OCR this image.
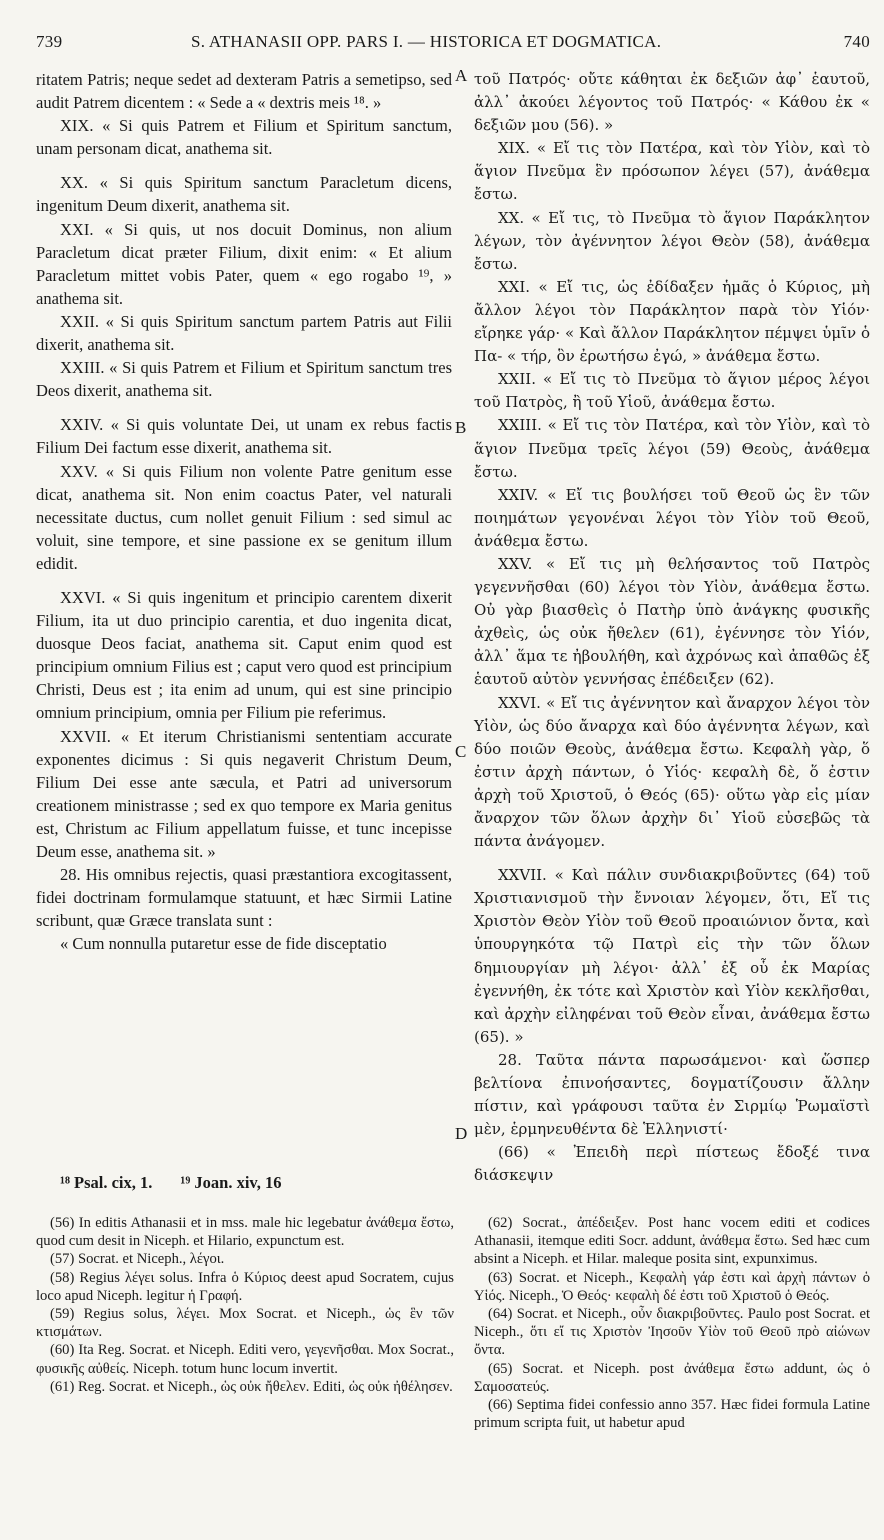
739	S. ATHANASII OPP. PARS I. — HISTORICA ET DOGMATICA.	740

ritatem Patris; neque sedet ad dexteram Patris a semetipso, sed audit Patrem dicentem : « Sede a « dextris meis ¹⁸. »

XIX. « Si quis Patrem et Filium et Spiritum sanctum, unam personam dicat, anathema sit.

XX. « Si quis Spiritum sanctum Paracletum dicens, ingenitum Deum dixerit, anathema sit.

XXI. « Si quis, ut nos docuit Dominus, non alium Paracletum dicat præter Filium, dixit enim: « Et alium Paracletum mittet vobis Pater, quem « ego rogabo ¹⁹, » anathema sit.

XXII. « Si quis Spiritum sanctum partem Patris aut Filii dixerit, anathema sit.

XXIII. « Si quis Patrem et Filium et Spiritum sanctum tres Deos dixerit, anathema sit.

XXIV. « Si quis voluntate Dei, ut unam ex rebus factis Filium Dei factum esse dixerit, anathema sit.

XXV. « Si quis Filium non volente Patre genitum esse dicat, anathema sit. Non enim coactus Pater, vel naturali necessitate ductus, cum nollet genuit Filium : sed simul ac voluit, sine tempore, et sine passione ex se genitum illum edidit.

XXVI. « Si quis ingenitum et principio carentem dixerit Filium, ita ut duo principio carentia, et duo ingenita dicat, duosque Deos faciat, anathema sit. Caput enim quod est principium omnium Filius est ; caput vero quod est principium Christi, Deus est ; ita enim ad unum, qui est sine principio omnium principium, omnia per Filium pie referimus.

XXVII. « Et iterum Christianismi sententiam accurate exponentes dicimus : Si quis negaverit Christum Deum, Filium Dei esse ante sæcula, et Patri ad universorum creationem ministrasse ; sed ex quo tempore ex Maria genitus est, Christum ac Filium appellatum fuisse, et tunc incepisse Deum esse, anathema sit. »

28. His omnibus rejectis, quasi præstantiora excogitassent, fidei doctrinam formulamque statuunt, et hæc Sirmii Latine scribunt, quæ Græce translata sunt :

« Cum nonnulla putaretur esse de fide disceptatio

τοῦ Πατρός· οὔτε κάθηται ἐκ δεξιῶν ἀφ᾽ ἑαυτοῦ, ἀλλ᾽ ἀκούει λέγοντος τοῦ Πατρός· « Κάθου ἐκ « δεξιῶν μου (56). »

XIX. « Εἴ τις τὸν Πατέρα, καὶ τὸν Υἱὸν, καὶ τὸ ἅγιον Πνεῦμα ἓν πρόσωπον λέγει (57), ἀνάθεμα ἔστω.

XX. « Εἴ τις, τὸ Πνεῦμα τὸ ἅγιον Παράκλητον λέγων, τὸν ἀγέννητον λέγοι Θεὸν (58), ἀνάθεμα ἔστω.

XXI. « Εἴ τις, ὡς ἐδίδαξεν ἡμᾶς ὁ Κύριος, μὴ ἄλλον λέγοι τὸν Παράκλητον παρὰ τὸν Υἱόν· εἴρηκε γάρ· « Καὶ ἄλλον Παράκλητον πέμψει ὑμῖν ὁ Πα- « τήρ, ὃν ἐρωτήσω ἐγώ, » ἀνάθεμα ἔστω.

XXII. « Εἴ τις τὸ Πνεῦμα τὸ ἅγιον μέρος λέγοι τοῦ Πατρὸς, ἢ τοῦ Υἱοῦ, ἀνάθεμα ἔστω.

XXIII. « Εἴ τις τὸν Πατέρα, καὶ τὸν Υἱὸν, καὶ τὸ ἅγιον Πνεῦμα τρεῖς λέγοι (59) Θεοὺς, ἀνάθεμα ἔστω.

XXIV. « Εἴ τις βουλήσει τοῦ Θεοῦ ὡς ἓν τῶν ποιημάτων γεγονέναι λέγοι τὸν Υἱὸν τοῦ Θεοῦ, ἀνάθεμα ἔστω.

XXV. « Εἴ τις μὴ θελήσαντος τοῦ Πατρὸς γεγεννῆσθαι (60) λέγοι τὸν Υἱὸν, ἀνάθεμα ἔστω. Οὐ γὰρ βιασθεὶς ὁ Πατὴρ ὑπὸ ἀνάγκης φυσικῆς ἀχθεὶς, ὡς οὐκ ἤθελεν (61), ἐγέννησε τὸν Υἱόν, ἀλλ᾽ ἅμα τε ἠβουλήθη, καὶ ἀχρόνως καὶ ἀπαθῶς ἐξ ἑαυτοῦ αὐτὸν γεννήσας ἐπέδειξεν (62).

XXVI. « Εἴ τις ἀγέννητον καὶ ἄναρχον λέγοι τὸν Υἱὸν, ὡς δύο ἄναρχα καὶ δύο ἀγέννητα λέγων, καὶ δύο ποιῶν Θεοὺς, ἀνάθεμα ἔστω. Κεφαλὴ γὰρ, ὅ ἐστιν ἀρχὴ πάντων, ὁ Υἱός· κεφαλὴ δὲ, ὅ ἐστιν ἀρχὴ τοῦ Χριστοῦ, ὁ Θεός (65)· οὕτω γὰρ εἰς μίαν ἄναρχον τῶν ὅλων ἀρχὴν δι᾽ Υἱοῦ εὐσεβῶς τὰ πάντα ἀνάγομεν.

XXVII. « Καὶ πάλιν συνδιακριβοῦντες (64) τοῦ Χριστιανισμοῦ τὴν ἔννοιαν λέγομεν, ὅτι, Εἴ τις Χριστὸν Θεὸν Υἱὸν τοῦ Θεοῦ προαιώνιον ὄντα, καὶ ὑπουργηκότα τῷ Πατρὶ εἰς τὴν τῶν ὅλων δημιουργίαν μὴ λέγοι· ἀλλ᾽ ἐξ οὗ ἐκ Μαρίας ἐγεννήθη, ἐκ τότε καὶ Χριστὸν καὶ Υἱὸν κεκλῆσθαι, καὶ ἀρχὴν εἰληφέναι τοῦ Θεὸν εἶναι, ἀνάθεμα ἔστω (65). »

28. Ταῦτα πάντα παρωσάμενοι· καὶ ὥσπερ βελτίονα ἐπινοήσαντες, δογματίζουσιν ἄλλην πίστιν, καὶ γράφουσι ταῦτα ἐν Σιρμίῳ Ῥωμαϊστὶ μὲν, ἑρμηνευθέντα δὲ Ἑλληνιστί·

(66) « Ἐπειδὴ περὶ πίστεως ἔδοξέ τινα διάσκεψιν

A
B
C
D
¹⁸ Psal. cix, 1. ¹⁹ Joan. xiv, 16

(56) In editis Athanasii et in mss. male hic legebatur ἀνάθεμα ἔστω, quod cum desit in Niceph. et Hilario, expunctum est.

(57) Socrat. et Niceph., λέγοι.

(58) Regius λέγει solus. Infra ὁ Κύριος deest apud Socratem, cujus loco apud Niceph. legitur ἡ Γραφή.

(59) Regius solus, λέγει. Mox Socrat. et Niceph., ὡς ἓν τῶν κτισμάτων.

(60) Ita Reg. Socrat. et Niceph. Editi vero, γεγενῆσθαι. Mox Socrat., φυσικῆς αὐθείς. Niceph. totum hunc locum invertit.

(61) Reg. Socrat. et Niceph., ὡς οὐκ ἤθελεν. Editi, ὡς οὐκ ἠθέλησεν.

(62) Socrat., ἀπέδειξεν. Post hanc vocem editi et codices Athanasii, itemque editi Socr. addunt, ἀνάθεμα ἔστω. Sed hæc cum absint a Niceph. et Hilar. maleque posita sint, expunximus.

(63) Socrat. et Niceph., Κεφαλὴ γάρ ἐστι καὶ ἀρχὴ πάντων ὁ Υἱός. Niceph., Ὁ Θεός· κεφαλὴ δέ ἐστι τοῦ Χριστοῦ ὁ Θεός.

(64) Socrat. et Niceph., οὖν διακριβοῦντες. Paulo post Socrat. et Niceph., ὅτι εἴ τις Χριστὸν Ἰησοῦν Υἱὸν τοῦ Θεοῦ πρὸ αἰώνων ὄντα.

(65) Socrat. et Niceph. post ἀνάθεμα ἔστω addunt, ὡς ὁ Σαμοσατεύς.

(66) Septima fidei confessio anno 357. Hæc fidei formula Latine primum scripta fuit, ut habetur apud
